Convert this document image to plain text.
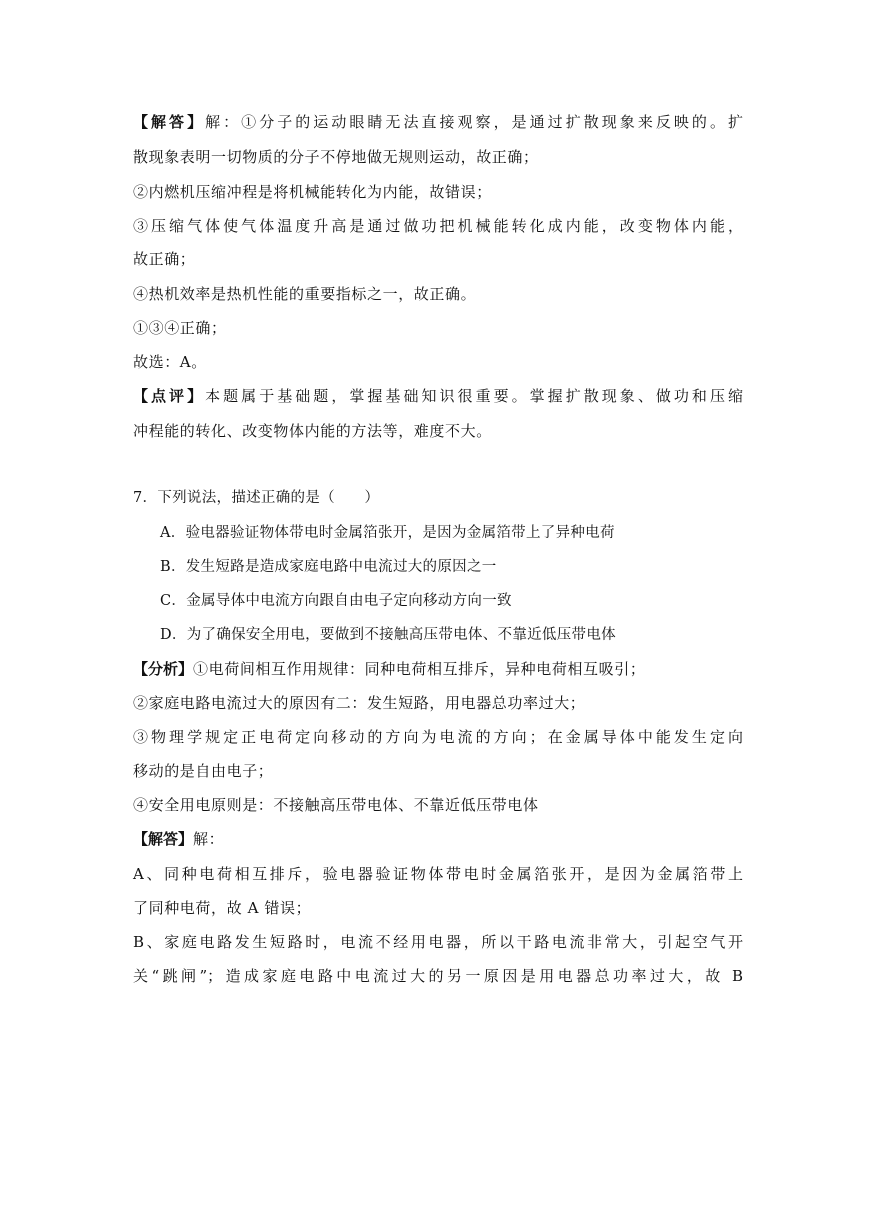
【解答】解：①分子的运动眼睛无法直接观察，是通过扩散现象来反映的。扩
散现象表明一切物质的分子不停地做无规则运动，故正确；
②内燃机压缩冲程是将机械能转化为内能，故错误；
③压缩气体使气体温度升高是通过做功把机械能转化成内能，改变物体内能，
故正确；
④热机效率是热机性能的重要指标之一，故正确。
①③④正确；
故选：A。
【点评】本题属于基础题，掌握基础知识很重要。掌握扩散现象、做功和压缩
冲程能的转化、改变物体内能的方法等，难度不大。
7．下列说法，描述正确的是（　　）
A．验电器验证物体带电时金属箔张开，是因为金属箔带上了异种电荷
B．发生短路是造成家庭电路中电流过大的原因之一
C．金属导体中电流方向跟自由电子定向移动方向一致
D．为了确保安全用电，要做到不接触高压带电体、不靠近低压带电体
【分析】①电荷间相互作用规律：同种电荷相互排斥，异种电荷相互吸引；
②家庭电路电流过大的原因有二：发生短路，用电器总功率过大；
③物理学规定正电荷定向移动的方向为电流的方向；在金属导体中能发生定向
移动的是自由电子；
④安全用电原则是：不接触高压带电体、不靠近低压带电体
【解答】解：
A、同种电荷相互排斥，验电器验证物体带电时金属箔张开，是因为金属箔带上
了同种电荷，故 A 错误；
B、家庭电路发生短路时，电流不经用电器，所以干路电流非常大，引起空气开
关“跳闸”；造成家庭电路中电流过大的另一原因是用电器总功率过大，故 B
